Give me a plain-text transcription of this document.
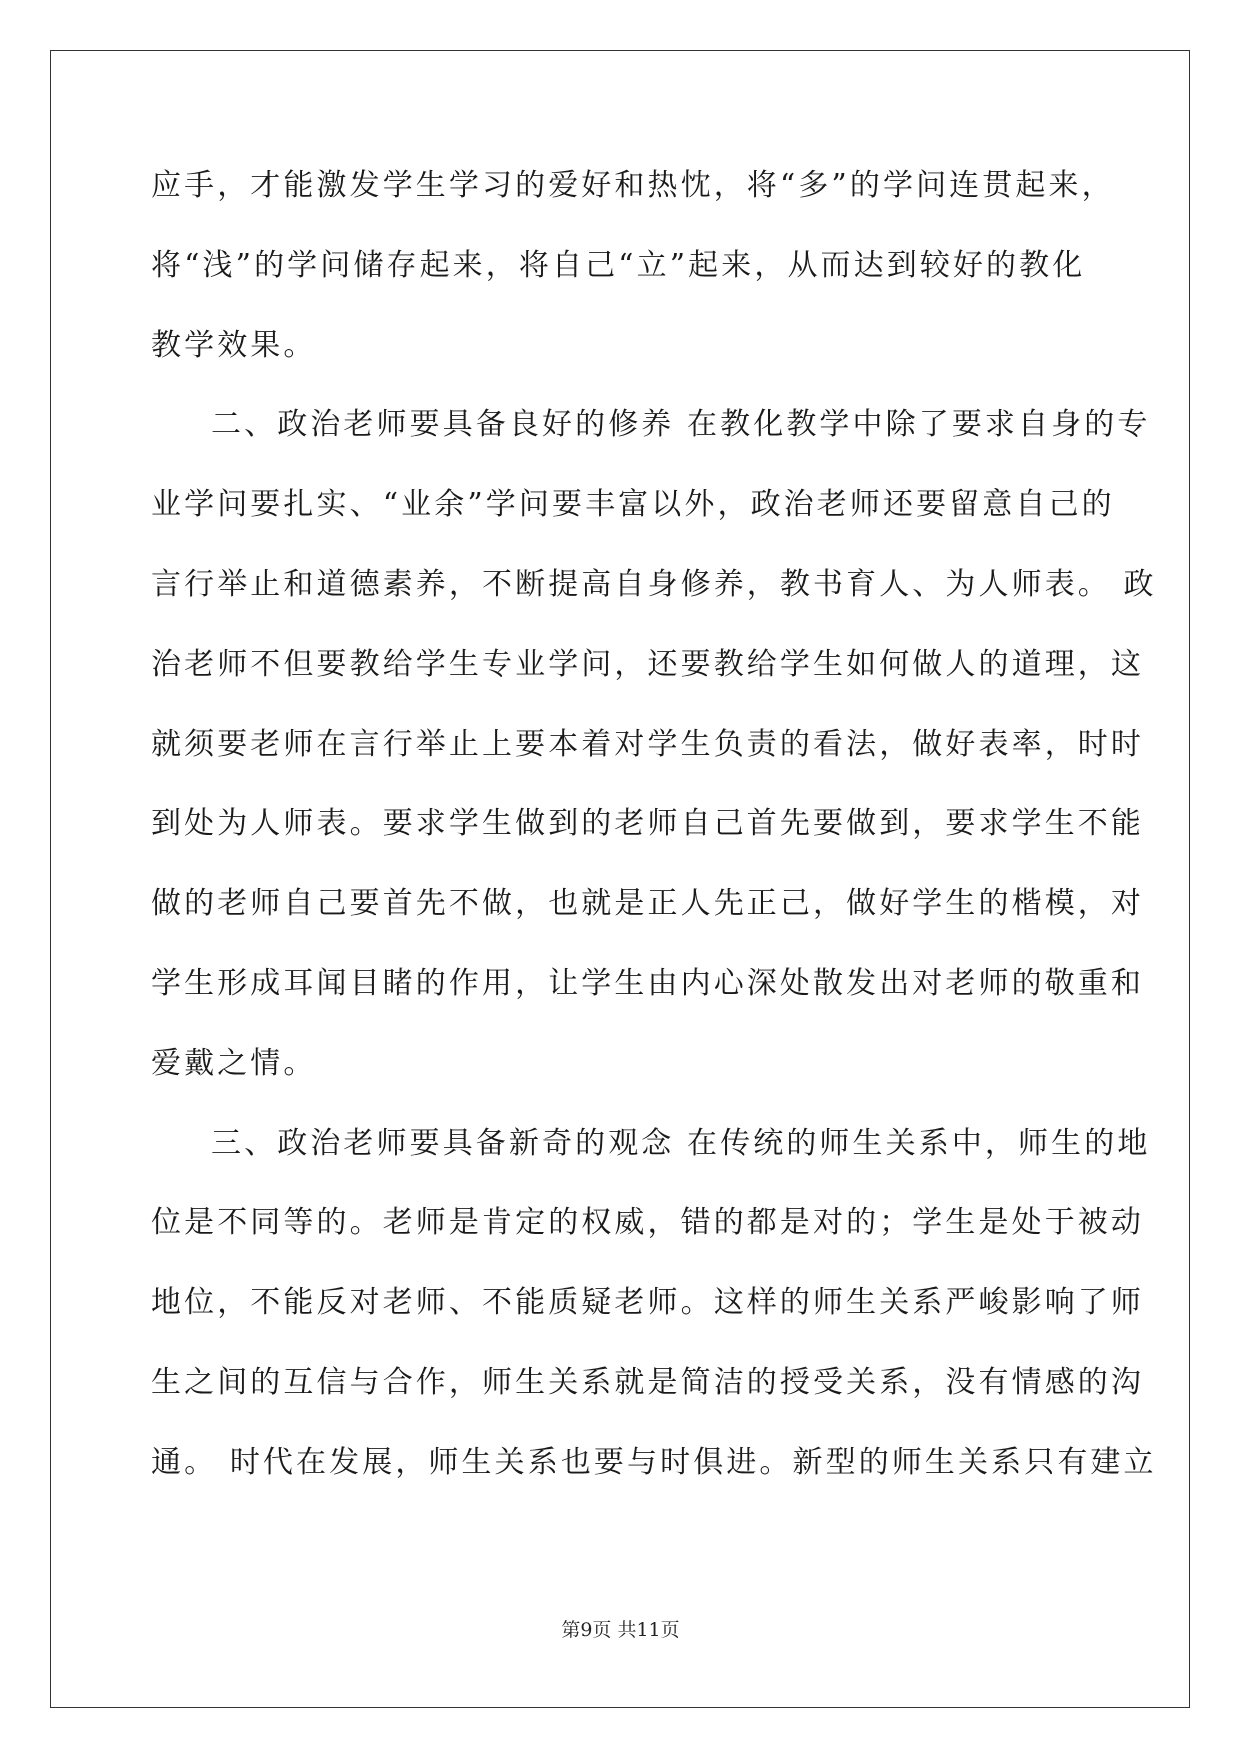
应手，才能激发学生学习的爱好和热忱，将“多”的学问连贯起来，
将“浅”的学问储存起来，将自己“立”起来，从而达到较好的教化
教学效果。
二、政治老师要具备良好的修养 在教化教学中除了要求自身的专
业学问要扎实、“业余”学问要丰富以外，政治老师还要留意自己的
言行举止和道德素养，不断提高自身修养，教书育人、为人师表。 政
治老师不但要教给学生专业学问，还要教给学生如何做人的道理，这
就须要老师在言行举止上要本着对学生负责的看法，做好表率，时时
到处为人师表。要求学生做到的老师自己首先要做到，要求学生不能
做的老师自己要首先不做，也就是正人先正己，做好学生的楷模，对
学生形成耳闻目睹的作用，让学生由内心深处散发出对老师的敬重和
爱戴之情。
三、政治老师要具备新奇的观念 在传统的师生关系中，师生的地
位是不同等的。老师是肯定的权威，错的都是对的；学生是处于被动
地位，不能反对老师、不能质疑老师。这样的师生关系严峻影响了师
生之间的互信与合作，师生关系就是简洁的授受关系，没有情感的沟
通。 时代在发展，师生关系也要与时俱进。新型的师生关系只有建立
第9页 共11页
